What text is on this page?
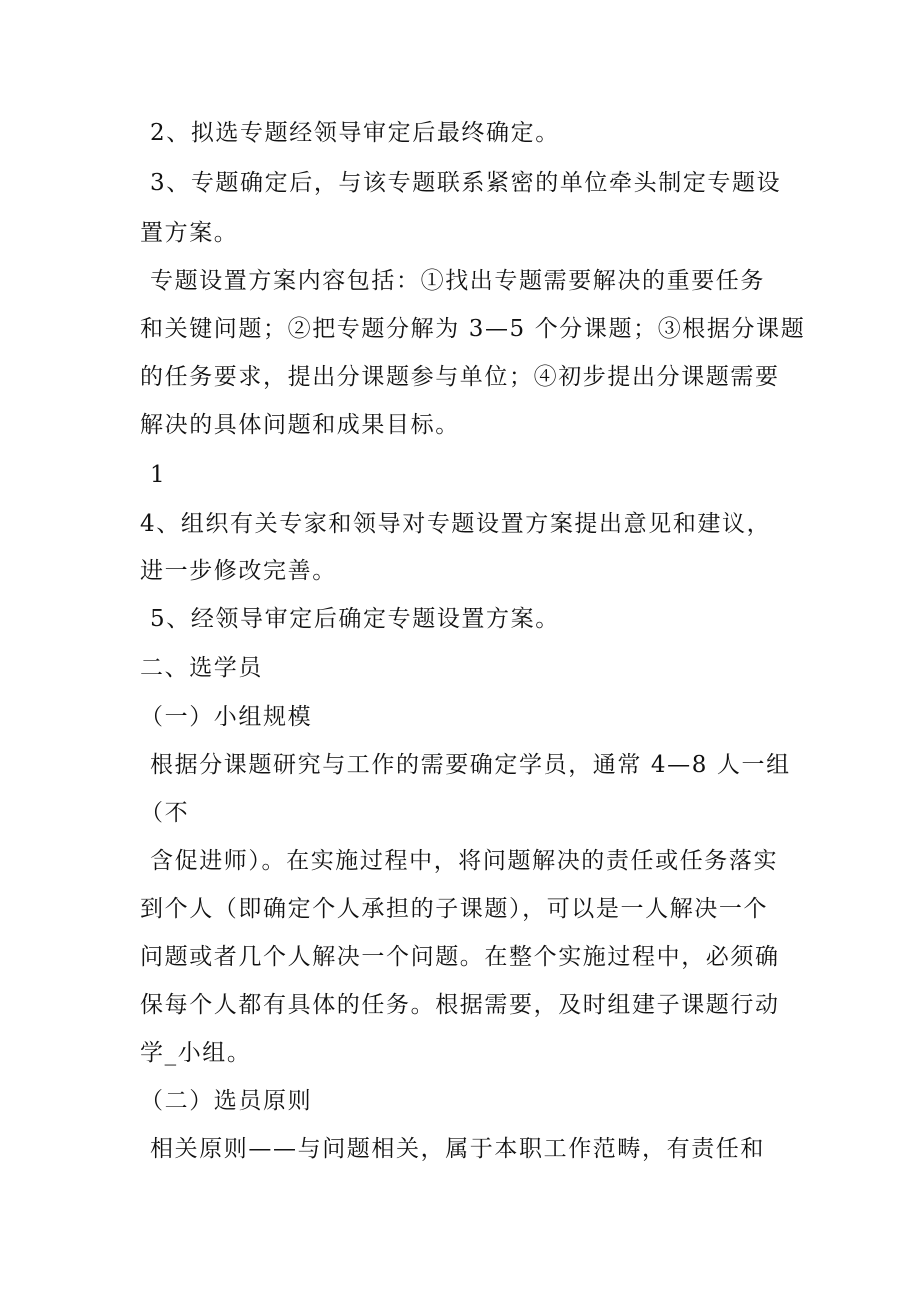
2、拟选专题经领导审定后最终确定。
3、专题确定后，与该专题联系紧密的单位牵头制定专题设
置方案。
专题设置方案内容包括：①找出专题需要解决的重要任务
和关键问题；②把专题分解为 3—5 个分课题；③根据分课题
的任务要求，提出分课题参与单位；④初步提出分课题需要
解决的具体问题和成果目标。
1
4、组织有关专家和领导对专题设置方案提出意见和建议，
进一步修改完善。
5、经领导审定后确定专题设置方案。
二、选学员
（一）小组规模
根据分课题研究与工作的需要确定学员，通常 4—8 人一组
（不
含促进师）。在实施过程中，将问题解决的责任或任务落实
到个人（即确定个人承担的子课题），可以是一人解决一个
问题或者几个人解决一个问题。在整个实施过程中，必须确
保每个人都有具体的任务。根据需要，及时组建子课题行动
学_小组。
（二）选员原则
相关原则——与问题相关，属于本职工作范畴，有责任和
